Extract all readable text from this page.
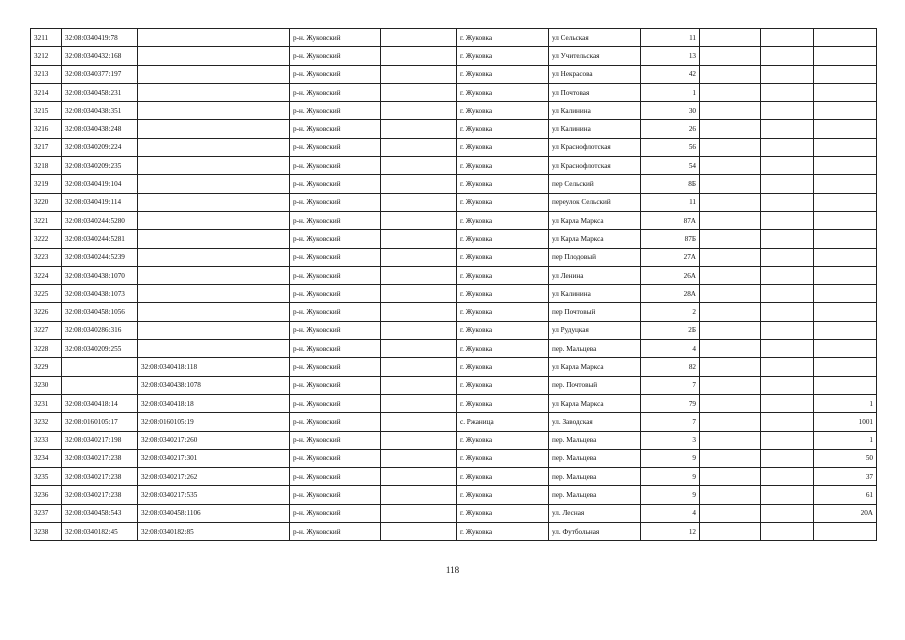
3211	32:08:0340419:78		р-н. Жуковский		г. Жуковка	ул Сельская	11			
3212	32:08:0340432:168		р-н. Жуковский		г. Жуковка	ул Учительская	13			
3213	32:08:0340377:197		р-н. Жуковский		г. Жуковка	ул Некрасова	42			
3214	32:08:0340458:231		р-н. Жуковский		г. Жуковка	ул Почтовая	1			
3215	32:08:0340438:351		р-н. Жуковский		г. Жуковка	ул Калинина	30			
3216	32:08:0340438:248		р-н. Жуковский		г. Жуковка	ул Калинина	26			
3217	32:08:0340209:224		р-н. Жуковский		г. Жуковка	ул Краснофлотская	56			
3218	32:08:0340209:235		р-н. Жуковский		г. Жуковка	ул Краснофлотская	54			
3219	32:08:0340419:104		р-н. Жуковский		г. Жуковка	пер Сельский	8Б			
3220	32:08:0340419:114		р-н. Жуковский		г. Жуковка	переулок Сельский	11			
3221	32:08:0340244:5280		р-н. Жуковский		г. Жуковка	ул Карла Маркса	87А			
3222	32:08:0340244:5281		р-н. Жуковский		г. Жуковка	ул Карла Маркса	87Б			
3223	32:08:0340244:5239		р-н. Жуковский		г. Жуковка	пер Плодовый	27А			
3224	32:08:0340438:1070		р-н. Жуковский		г. Жуковка	ул Ленина	26А			
3225	32:08:0340438:1073		р-н. Жуковский		г. Жуковка	ул Калинина	28А			
3226	32:08:0340458:1056		р-н. Жуковский		г. Жуковка	пер Почтовый	2			
3227	32:08:0340286:316		р-н. Жуковский		г. Жуковка	ул Рудуцкая	2Б			
3228	32:08:0340209:255		р-н. Жуковский		г. Жуковка	пер. Мальцева	4			
3229		32:08:0340418:118	р-н. Жуковский		г. Жуковка	ул Карла Маркса	82			
3230		32:08:0340438:1078	р-н. Жуковский		г. Жуковка	пер. Почтовый	7			
3231	32:08:0340418:14	32:08:0340418:18	р-н. Жуковский		г. Жуковка	ул Карла Маркса	79			1
3232	32:08:0160105:17	32:08:0160105:19	р-н. Жуковский		с. Ржаница	ул. Заводская	7			1001
3233	32:08:0340217:198	32:08:0340217:260	р-н. Жуковский		г. Жуковка	пер. Мальцева	3			1
3234	32:08:0340217:238	32:08:0340217:301	р-н. Жуковский		г. Жуковка	пер. Мальцева	9			50
3235	32:08:0340217:238	32:08:0340217:262	р-н. Жуковский		г. Жуковка	пер. Мальцева	9			37
3236	32:08:0340217:238	32:08:0340217:535	р-н. Жуковский		г. Жуковка	пер. Мальцева	9			61
3237	32:08:0340458:543	32:08:0340458:1106	р-н. Жуковский		г. Жуковка	ул. Лесная	4			20А
3238	32:08:0340182:45	32:08:0340182:85	р-н. Жуковский		г. Жуковка	ул. Футбольная	12			
118
